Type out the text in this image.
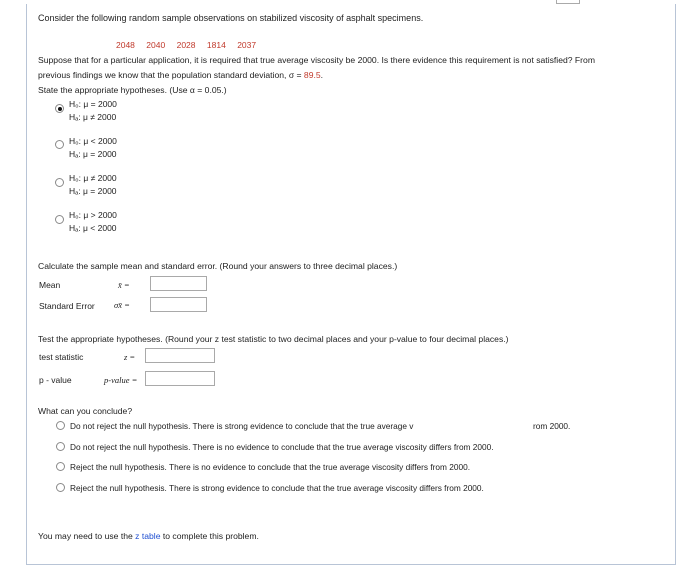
Consider the following random sample observations on stabilized viscosity of asphalt specimens.
2048 2040 2028 1814 2037
Suppose that for a particular application, it is required that true average viscosity be 2000. Is there evidence this requirement is not satisfied? From
previous findings we know that the population standard deviation, σ = 89.5.
State the appropriate hypotheses. (Use α = 0.05.)
H₀: μ = 2000
Hₐ: μ ≠ 2000
H₀: μ < 2000
Hₐ: μ = 2000
H₀: μ ≠ 2000
Hₐ: μ = 2000
H₀: μ > 2000
Hₐ: μ < 2000
Calculate the sample mean and standard error. (Round your answers to three decimal places.)
Mean	x̄ =
Standard Error σx̄ =
Test the appropriate hypotheses. (Round your z test statistic to two decimal places and your p-value to four decimal places.)
test statistic	z =
p - value	p-value =
What can you conclude?
Do not reject the null hypothesis. There is strong evidence to conclude that the true average v	rom 2000.
Do not reject the null hypothesis. There is no evidence to conclude that the true average viscosity differs from 2000.
Reject the null hypothesis. There is no evidence to conclude that the true average viscosity differs from 2000.
Reject the null hypothesis. There is strong evidence to conclude that the true average viscosity differs from 2000.
You may need to use the z table to complete this problem.
